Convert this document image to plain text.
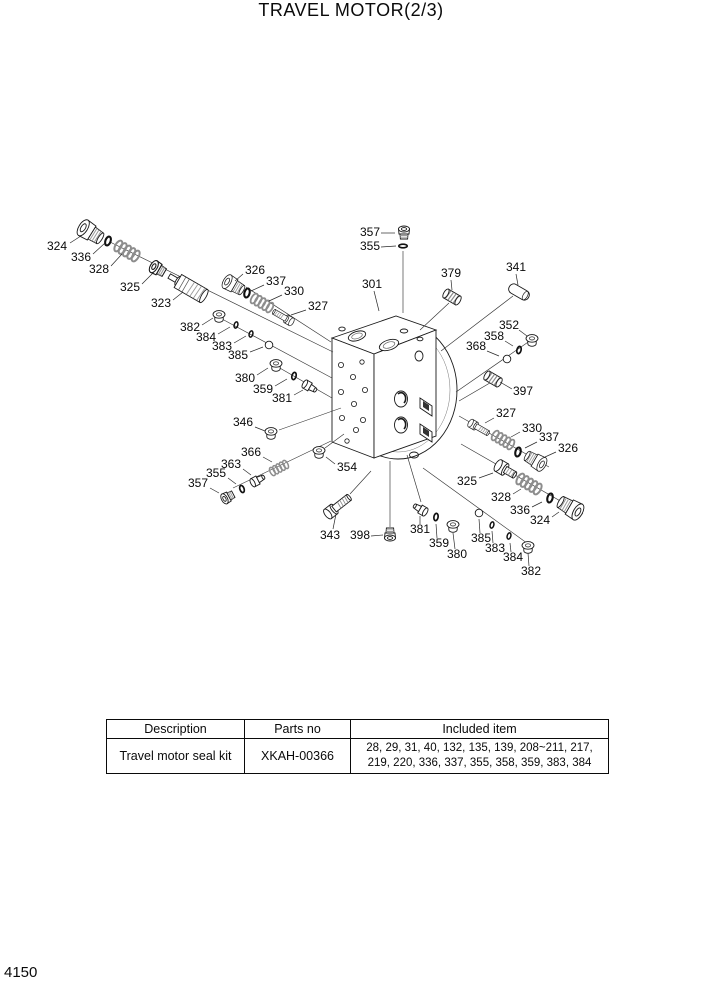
TRAVEL MOTOR(2/3)
324
336
328
325
323
326
337
330
327
382
384
383
385
380
359
381
357
355
301
379	341
352
358
368
397
327
330
337
326
325
328
336
324
346
366
363
355
357
354
343 398	381
359
380
385
383
384
382
Description	Parts no	Included item
Travel motor seal kit	XKAH-00366	28, 29, 31, 40, 132, 135, 139, 208~211, 217, 219, 220, 336, 337, 355, 358, 359, 383, 384
4150
